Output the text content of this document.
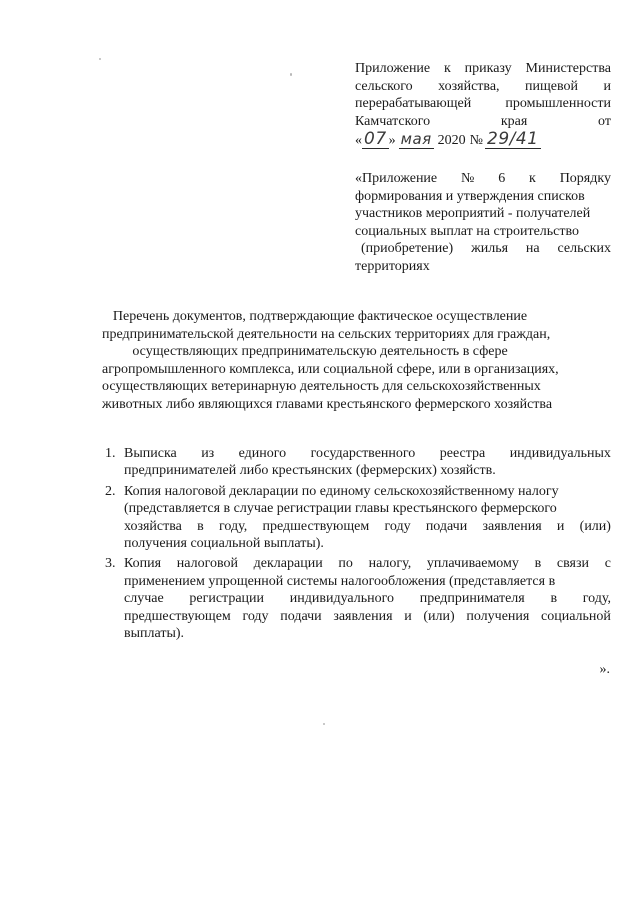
Приложение к приказу Министерства
сельского хозяйства, пищевой и
перерабатывающей промышленности
Камчатского	края	от
« 07 » мая 2020 № 29/41
«Приложение № 6 к Порядку
формирования и утверждения списков
участников мероприятий - получателей
социальных выплат на строительство
(приобретение) жилья на сельских
территориях
Перечень документов, подтверждающие фактическое осуществление
предпринимательской деятельности на сельских территориях для граждан,
осуществляющих предпринимательскую деятельность в сфере
агропромышленного комплекса, или социальной сфере, или в организациях,
осуществляющих ветеринарную деятельность для сельскохозяйственных
животных либо являющихся главами крестьянского фермерского хозяйства
1. Выписка из единого государственного реестра индивидуальных
предпринимателей либо крестьянских (фермерских) хозяйств.
2. Копия налоговой декларации по единому сельскохозяйственному налогу
(представляется в случае регистрации главы крестьянского фермерского
хозяйства в году, предшествующем году подачи заявления и (или)
получения социальной выплаты).
3. Копия налоговой декларации по налогу, уплачиваемому в связи с
применением упрощенной системы налогообложения (представляется в
случае регистрации индивидуального предпринимателя в году,
предшествующем году подачи заявления и (или) получения социальной
выплаты).
».
